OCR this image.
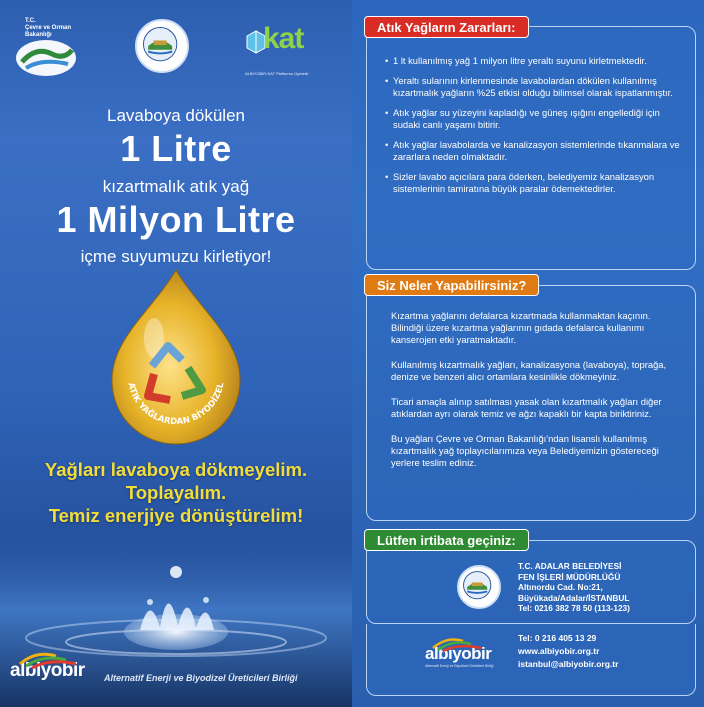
T.C.
Çevre ve Orman
Bakanlığı	kat
ALBİYOBİR-KAT Platformu Üyesidir
Lavaboya dökülen
1 Litre
kızartmalık atık yağ
1 Milyon Litre
içme suyumuzu kirletiyor!
ATIK YAĞLARDAN BİYODİZEL
Yağları lavaboya dökmeyelim.
Toplayalım.
Temiz enerjiye dönüştürelim!
albiyobir Alternatif Enerji ve Biyodizel Üreticileri Birliği
• 1 lt kullanılmış yağ 1 milyon litre yeraltı suyunu kirletmektedir.
• Yeraltı sularının kirlenmesinde lavabolardan dökülen kullanılmış kızartmalık yağların %25 etkisi olduğu bilimsel olarak ispatlanmıştır.
• Atık yağlar su yüzeyini kapladığı ve güneş ışığını engellediği için sudaki canlı yaşamı bitirir.
• Atık yağlar lavabolarda ve kanalizasyon sistemlerinde tıkanmalara ve zararlara neden olmaktadır.
• Sizler lavabo açıcılara para öderken, belediyemiz kanalizasyon sistemlerinin tamiratına büyük paralar ödemektedirler.
Atık Yağların Zararları:

Kızartma yağlarını defalarca kızartmada kullanmaktan kaçının. Bilindiği üzere kızartma yağlarının gıdada defalarca kullanımı kanserojen etki yaratmaktadır.

Kullanılmış kızartmalık yağları, kanalizasyona (lavaboya), toprağa, denize ve benzeri alıcı ortamlara kesinlikle dökmeyiniz.

Ticari amaçla alınıp satılması yasak olan kızartmalık yağları diğer atıklardan ayrı olarak temiz ve ağzı kapaklı bir kapta biriktiriniz.

Bu yağları Çevre ve Orman Bakanlığı'ndan lisanslı kullanılmış kızartmalık yağ toplayıcılarımıza veya Belediyemizin göstereceği yerlere teslim ediniz.

Siz Neler Yapabilirsiniz?
T.C. ADALAR BELEDİYESİ
FEN İŞLERİ MÜDÜRLÜĞÜ
Altınordu Cad. No:21,
Büyükada/Adalar/İSTANBUL
Tel: 0216 382 78 50 (113-123)
albiyobir
Alternatif Enerji ve Biyodizel Üreticileri Birliği
Tel: 0 216 405 13 29
www.albiyobir.org.tr
istanbul@albiyobir.org.tr
Lütfen irtibata geçiniz:
